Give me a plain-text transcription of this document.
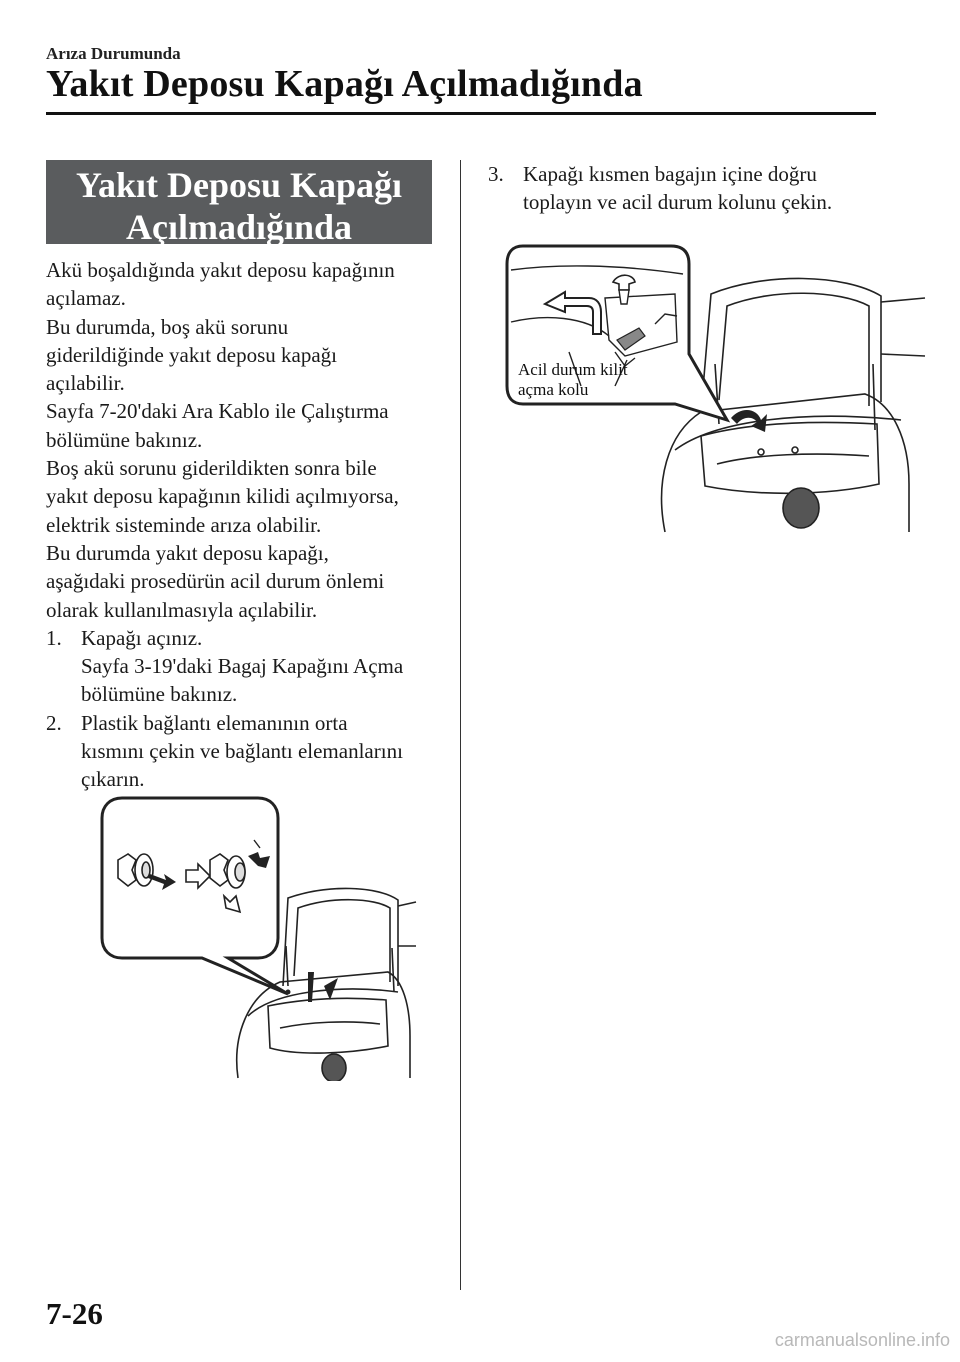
Arıza Durumunda
Yakıt Deposu Kapağı Açılmadığında
Yakıt Deposu Kapağı
Açılmadığında

Akü boşaldığında yakıt deposu kapağının

açılamaz.

Bu durumda, boş akü sorunu

giderildiğinde yakıt deposu kapağı

açılabilir.

Sayfa 7-20'daki Ara Kablo ile Çalıştırma

bölümüne bakınız.

Boş akü sorunu giderildikten sonra bile

yakıt deposu kapağının kilidi açılmıyorsa,

elektrik sisteminde arıza olabilir.

Bu durumda yakıt deposu kapağı,

aşağıdaki prosedürün acil durum önlemi

olarak kullanılmasıyla açılabilir.

1. Kapağı açınız.

Sayfa 3-19'daki Bagaj Kapağını Açma

bölümüne bakınız.

2. Plastik bağlantı elemanının orta

kısmını çekin ve bağlantı elemanlarını

çıkarın.

3. Kapağı kısmen bagajın içine doğru

toplayın ve acil durum kolunu çekin.

Acil durum kilit
açma kolu
7-26
carmanualsonline.info
